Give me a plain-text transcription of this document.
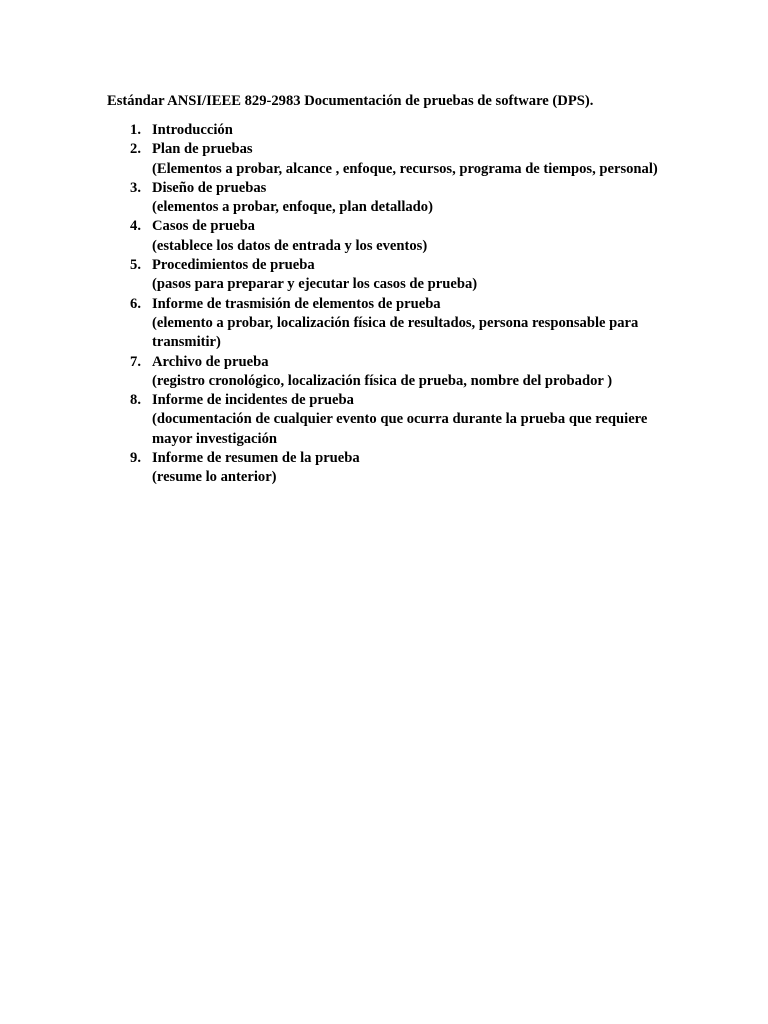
Estándar ANSI/IEEE 829-2983 Documentación de pruebas de software (DPS).

1. Introducción
2. Plan de pruebas
(Elementos a probar, alcance , enfoque, recursos, programa de tiempos, personal)
3. Diseño de pruebas
(elementos a probar, enfoque, plan detallado)
4. Casos de prueba
(establece los datos de entrada y los eventos)
5. Procedimientos de prueba
(pasos para preparar y ejecutar los casos de prueba)
6. Informe de trasmisión de elementos de prueba
(elemento a probar, localización física de resultados, persona responsable para transmitir)
7. Archivo de prueba
(registro cronológico, localización física de prueba, nombre del probador )
8. Informe de incidentes de prueba
(documentación de cualquier evento que ocurra durante la prueba que requiere mayor investigación
9. Informe de resumen de la prueba
(resume lo anterior)
